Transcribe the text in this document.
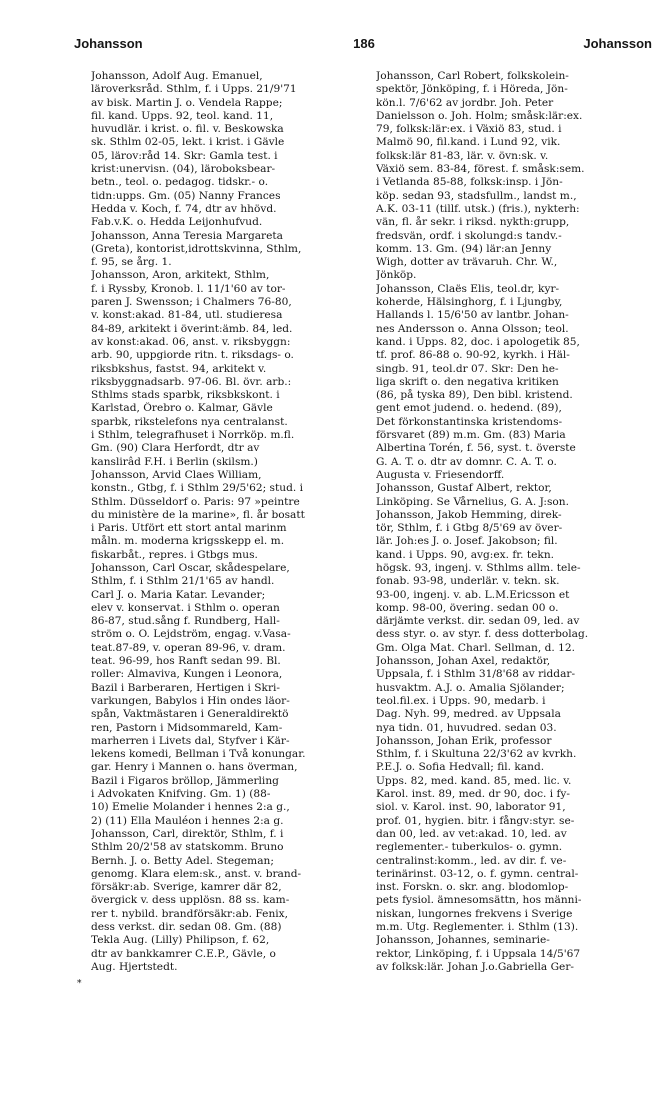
Johansson	186	Johansson
*
Johansson, Adolf Aug. Emanuel,
läroverksråd. Sthlm, f. i Upps. 21/9'71
av bisk. Martin J. o. Vendela Rappe;
fil. kand. Upps. 92, teol. kand. 11,
huvudlär. i krist. o. fil. v. Beskowska
sk. Sthlm 02-05, lekt. i krist. i Gävle
05, lärov:råd 14. Skr: Gamla test. i
krist:unervisn. (04), läroboksbear-
betn., teol. o. pedagog. tidskr.- o.
tidn:upps. Gm. (05) Nanny Frances
Hedda v. Koch, f. 74, dtr av hhövd.
Fab.v.K. o. Hedda Leijonhufvud.
Johansson, Anna Teresia Margareta
(Greta), kontorist,idrottskvinna, Sthlm,
f. 95, se årg. 1.
Johansson, Aron, arkitekt, Sthlm,
f. i Ryssby, Kronob. l. 11/1'60 av tor-
paren J. Swensson; i Chalmers 76-80,
v. konst:akad. 81-84, utl. studieresa
84-89, arkitekt i överint:ämb. 84, led.
av konst:akad. 06, anst. v. riksbyggn:
arb. 90, uppgiorde ritn. t. riksdags- o.
riksbkshus, fastst. 94, arkitekt v.
riksbyggnadsarb. 97-06. Bl. övr. arb.:
Sthlms stads sparbk, riksbkskont. i
Karlstad, Örebro o. Kalmar, Gävle
sparbk, rikstelefons nya centralanst.
i Sthlm, telegrafhuset i Norrköp. m.fl.
Gm. (90) Clara Herfordt, dtr av
kanslirâd F.H. i Berlin (skilsm.)
Johansson, Arvid Claes William,
konstn., Gtbg, f. i Sthlm 29/5'62; stud. i
Sthlm. Düsseldorf o. Paris: 97 »peintre
du ministère de la marine», fl. år bosatt
i Paris. Utfört ett stort antal marinm
måln. m. moderna krigsskepp el. m.
fiskarbåt., repres. i Gtbgs mus.
Johansson, Carl Oscar, skådespelare,
Sthlm, f. i Sthlm 21/1'65 av handl.
Carl J. o. Maria Katar. Levander;
elev v. konservat. i Sthlm o. operan
86-87, stud.sång f. Rundberg, Hall-
ström o. O. Lejdström, engag. v.Vasa-
teat.87-89, v. operan 89-96, v. dram.
teat. 96-99, hos Ranft sedan 99. Bl.
roller: Almaviva, Kungen i Leonora,
Bazil i Barberaren, Hertigen i Skri-
varkungen, Babylos i Hin ondes läor-
spån, Vaktmästaren i Generaldirektö
ren, Pastorn i Midsommareld, Kam-
marherren i Livets dal, Styfver i Kär-
lekens komedi, Bellman i Två konungar.
gar. Henry i Mannen o. hans överman,
Bazil i Figaros bröllop, Jämmerling
i Advokaten Knifving. Gm. 1) (88-
10) Emelie Molander i hennes 2:a g.,
2) (11) Ella Mauléon i hennes 2:a g.
Johansson, Carl, direktör, Sthlm, f. i
Sthlm 20/2'58 av statskomm. Bruno
Bernh. J. o. Betty Adel. Stegeman;
genomg. Klara elem:sk., anst. v. brand-
försäkr:ab. Sverige, kamrer där 82,
övergick v. dess upplösn. 88 ss. kam-
rer t. nybild. brandförsäkr:ab. Fenix,
dess verkst. dir. sedan 08. Gm. (88)
Tekla Aug. (Lilly) Philipson, f. 62,
dtr av bankkamrer C.E.P., Gävle, o
Aug. Hjertstedt.
Johansson, Carl Robert, folkskolein-
spektör, Jönköping, f. i Höreda, Jön-
kön.l. 7/6'62 av jordbr. Joh. Peter
Danielsson o. Joh. Holm; småsk:lär:ex.
79, folksk:lär:ex. i Växiö 83, stud. i
Malmö 90, fil.kand. i Lund 92, vik.
folksk:lär 81-83, lär. v. övn:sk. v.
Växiö sem. 83-84, förest. f. småsk:sem.
i Vetlanda 85-88, folksk:insp. i Jön-
köp. sedan 93, stadsfullm., landst m.,
A.K. 03-11 (tillf. utsk.) (fris.), nykterh:
vän, fl. år sekr. i riksd. nykth:grupp,
fredsvän, ordf. i skolungd:s tandv.-
komm. 13. Gm. (94) lär:an Jenny
Wigh, dotter av trävaruh. Chr. W.,
Jönköp.
Johansson, Claës Elis, teol.dr, kyr-
koherde, Hälsinghorg, f. i Ljungby,
Hallands l. 15/6'50 av lantbr. Johan-
nes Andersson o. Anna Olsson; teol.
kand. i Upps. 82, doc. i apologetik 85,
tf. prof. 86-88 o. 90-92, kyrkh. i Häl-
singb. 91, teol.dr 07. Skr: Den he-
liga skrift o. den negativa kritiken
(86, på tyska 89), Den bibl. kristend.
gent emot judend. o. hedend. (89),
Det förkonstantinska kristendoms-
försvaret (89) m.m. Gm. (83) Maria
Albertina Torén, f. 56, syst. t. överste
G. A. T. o. dtr av domnr. C. A. T. o.
Augusta v. Friesendorff.
Johansson, Gustaf Albert, rektor,
Linköping. Se Vårnelius, G. A. J:son.
Johansson, Jakob Hemming, direk-
tör, Sthlm, f. i Gtbg 8/5'69 av över-
lär. Joh:es J. o. Josef. Jakobson; fil.
kand. i Upps. 90, avg:ex. fr. tekn.
högsk. 93, ingenj. v. Sthlms allm. tele-
fonab. 93-98, underlär. v. tekn. sk.
93-00, ingenj. v. ab. L.M.Ericsson et
komp. 98-00, övering. sedan 00 o.
därjämte verkst. dir. sedan 09, led. av
dess styr. o. av styr. f. dess dotterbolag.
Gm. Olga Mat. Charl. Sellman, d. 12.
Johansson, Johan Axel, redaktör,
Uppsala, f. i Sthlm 31/8'68 av riddar-
husvaktm. A.J. o. Amalia Sjölander;
teol.fil.ex. i Upps. 90, medarb. i
Dag. Nyh. 99, medred. av Uppsala
nya tidn. 01, huvudred. sedan 03.
Johansson, Johan Erik, professor
Sthlm, f. i Skultuna 22/3'62 av kvrkh.
P.E.J. o. Sofia Hedvall; fil. kand.
Upps. 82, med. kand. 85, med. lic. v.
Karol. inst. 89, med. dr 90, doc. i fy-
siol. v. Karol. inst. 90, laborator 91,
prof. 01, hygien. bitr. i fångv:styr. se-
dan 00, led. av vet:akad. 10, led. av
reglementer.- tuberkulos- o. gymn.
centralinst:komm., led. av dir. f. ve-
terinärinst. 03-12, o. f. gymn. central-
inst. Forskn. o. skr. ang. blodomlop-
pets fysiol. ämnesomsättn, hos männi-
niskan, lungornes frekvens i Sverige
m.m. Utg. Reglementer. i. Sthlm (13).
Johansson, Johannes, seminarie-
rektor, Linköping, f. i Uppsala 14/5'67
av folksk:lär. Johan J.o.Gabriella Ger-
